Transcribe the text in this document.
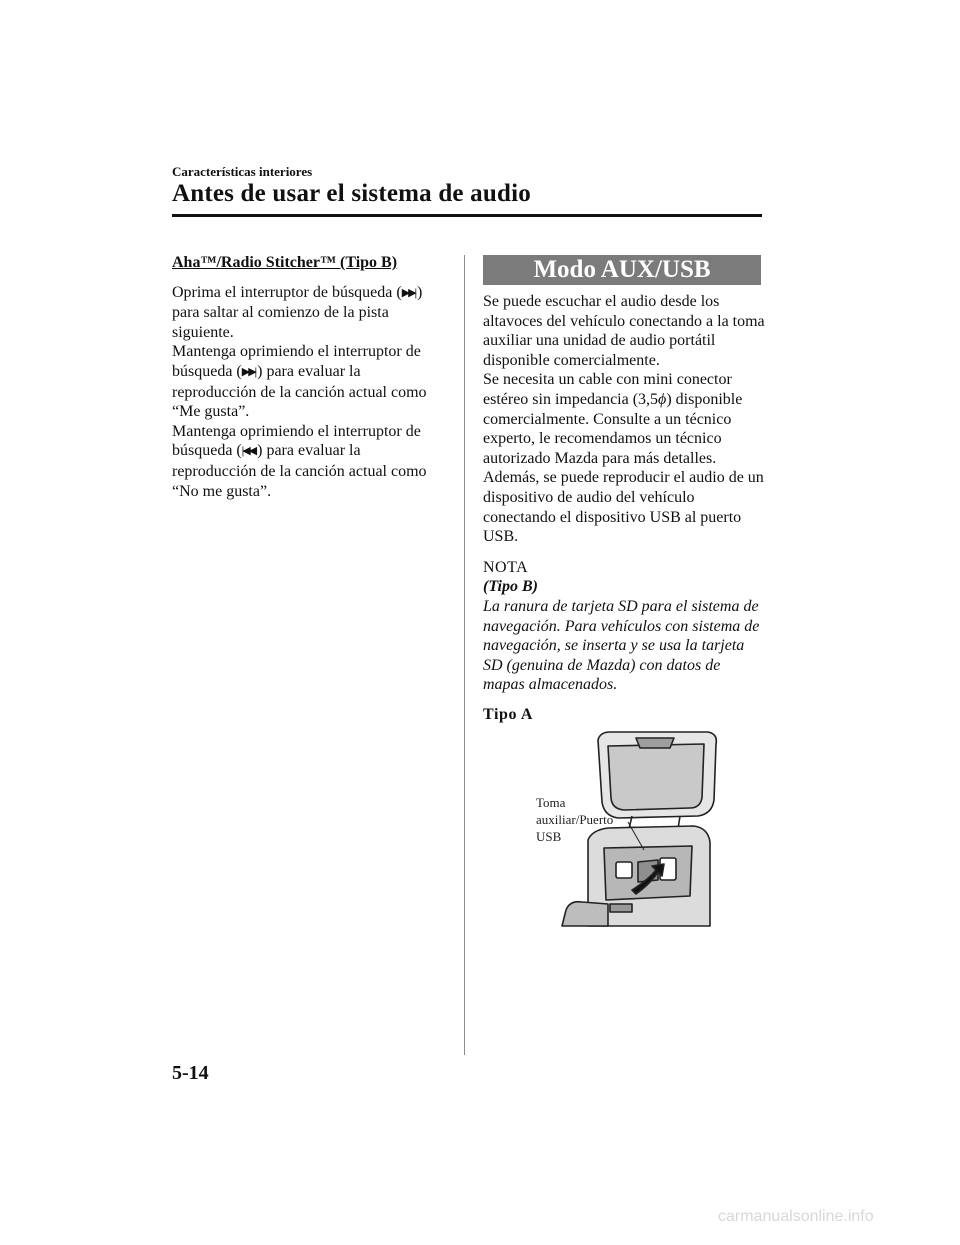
Características interiores
Antes de usar el sistema de audio
Aha™/Radio Stitcher™ (Tipo B)

Oprima el interruptor de búsqueda (▶▶| ) para saltar al comienzo de la pista siguiente.

Mantenga oprimiendo el interruptor de búsqueda (▶▶| ) para evaluar la reproducción de la canción actual como “Me gusta”.

Mantenga oprimiendo el interruptor de búsqueda (|◀◀ ) para evaluar la reproducción de la canción actual como “No me gusta”.

Modo AUX/USB

Se puede escuchar el audio desde los altavoces del vehículo conectando a la toma auxiliar una unidad de audio portátil disponible comercialmente.

Se necesita un cable con mini conector estéreo sin impedancia (3,5ϕ) disponible comercialmente. Consulte a un técnico experto, le recomendamos un técnico autorizado Mazda para más detalles.

Además, se puede reproducir el audio de un dispositivo de audio del vehículo conectando el dispositivo USB al puerto USB.

NOTA

(Tipo B)

La ranura de tarjeta SD para el sistema de navegación. Para vehículos con sistema de navegación, se inserta y se usa la tarjeta SD (genuina de Mazda) con datos de mapas almacenados.

Tipo A

Toma
auxiliar/Puerto
USB
5-14
carmanualsonline.info
